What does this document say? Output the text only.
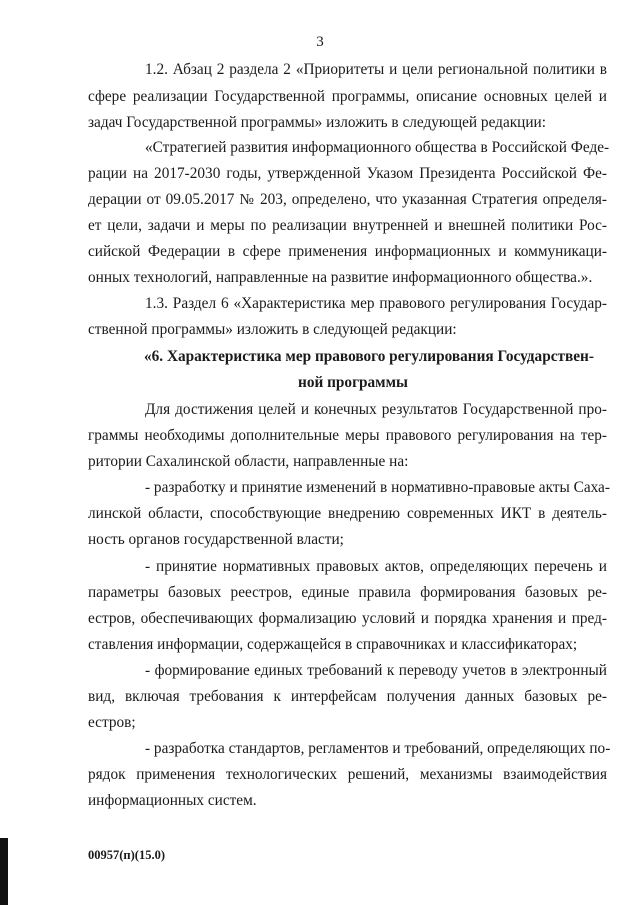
3
1.2. Абзац 2 раздела 2 «Приоритеты и цели региональной политики в
сфере реализации Государственной программы, описание основных целей и
задач Государственной программы» изложить в следующей редакции:
«Стратегией развития информационного общества в Российской Феде-
рации на 2017-2030 годы, утвержденной Указом Президента Российской Фе-
дерации от 09.05.2017 № 203, определено, что указанная Стратегия определя-
ет цели, задачи и меры по реализации внутренней и внешней политики Рос-
сийской Федерации в сфере применения информационных и коммуникаци-
онных технологий, направленные на развитие информационного общества.».
1.3. Раздел 6 «Характеристика мер правового регулирования Государ-
ственной программы» изложить в следующей редакции:
«6. Характеристика мер правового регулирования Государствен-
ной программы
Для достижения целей и конечных результатов Государственной про-
граммы необходимы дополнительные меры правового регулирования на тер-
ритории Сахалинской области, направленные на:
- разработку и принятие изменений в нормативно-правовые акты Саха-
линской области, способствующие внедрению современных ИКТ в деятель-
ность органов государственной власти;
- принятие нормативных правовых актов, определяющих перечень и
параметры базовых реестров, единые правила формирования базовых ре-
естров, обеспечивающих формализацию условий и порядка хранения и пред-
ставления информации, содержащейся в справочниках и классификаторах;
- формирование единых требований к переводу учетов в электронный
вид, включая требования к интерфейсам получения данных базовых ре-
естров;
- разработка стандартов, регламентов и требований, определяющих по-
рядок применения технологических решений, механизмы взаимодействия
информационных систем.
00957(п)(15.0)
